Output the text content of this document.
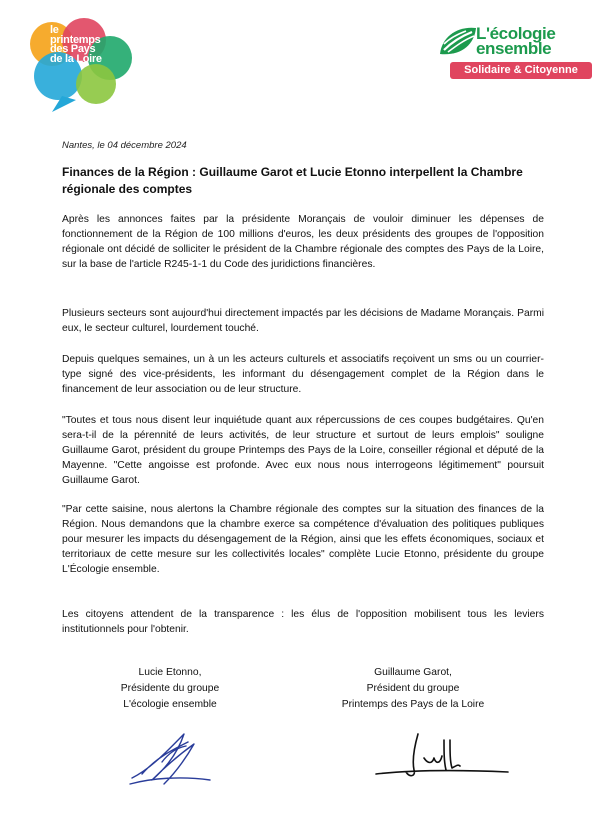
le
printemps
des Pays
de la Loire
L'écologie
ensemble
Solidaire & Citoyenne
Nantes, le 04 décembre 2024
Finances de la Région : Guillaume Garot et Lucie Etonno interpellent la Chambre régionale des comptes

Après les annonces faites par la présidente Morançais de vouloir diminuer les dépenses de fonctionnement de la Région de 100 millions d'euros, les deux présidents des groupes de l'opposition régionale ont décidé de solliciter le président de la Chambre régionale des comptes des Pays de la Loire, sur la base de l'article R245-1-1 du Code des juridictions financières.

Plusieurs secteurs sont aujourd'hui directement impactés par les décisions de Madame Morançais. Parmi eux, le secteur culturel, lourdement touché.

Depuis quelques semaines, un à un les acteurs culturels et associatifs reçoivent un sms ou un courrier-type signé des vice-présidents, les informant du désengagement complet de la Région dans le financement de leur association ou de leur structure.

"Toutes et tous nous disent leur inquiétude quant aux répercussions de ces coupes budgétaires. Qu'en sera-t-il de la pérennité de leurs activités, de leur structure et surtout de leurs emplois" souligne Guillaume Garot, président du groupe Printemps des Pays de la Loire, conseiller régional et député de la Mayenne. "Cette angoisse est profonde. Avec eux nous nous interrogeons légitimement" poursuit Guillaume Garot.

"Par cette saisine, nous alertons la Chambre régionale des comptes sur la situation des finances de la Région. Nous demandons que la chambre exerce sa compétence d'évaluation des politiques publiques pour mesurer les impacts du désengagement de la Région, ainsi que les effets économiques, sociaux et territoriaux de cette mesure sur les collectivités locales" complète Lucie Etonno, présidente du groupe L'Écologie ensemble.

Les citoyens attendent de la transparence : les élus de l'opposition mobilisent tous les leviers institutionnels pour l'obtenir.

Lucie Etonno,
Présidente du groupe
L'écologie ensemble
Guillaume Garot,
Président du groupe
Printemps des Pays de la Loire
